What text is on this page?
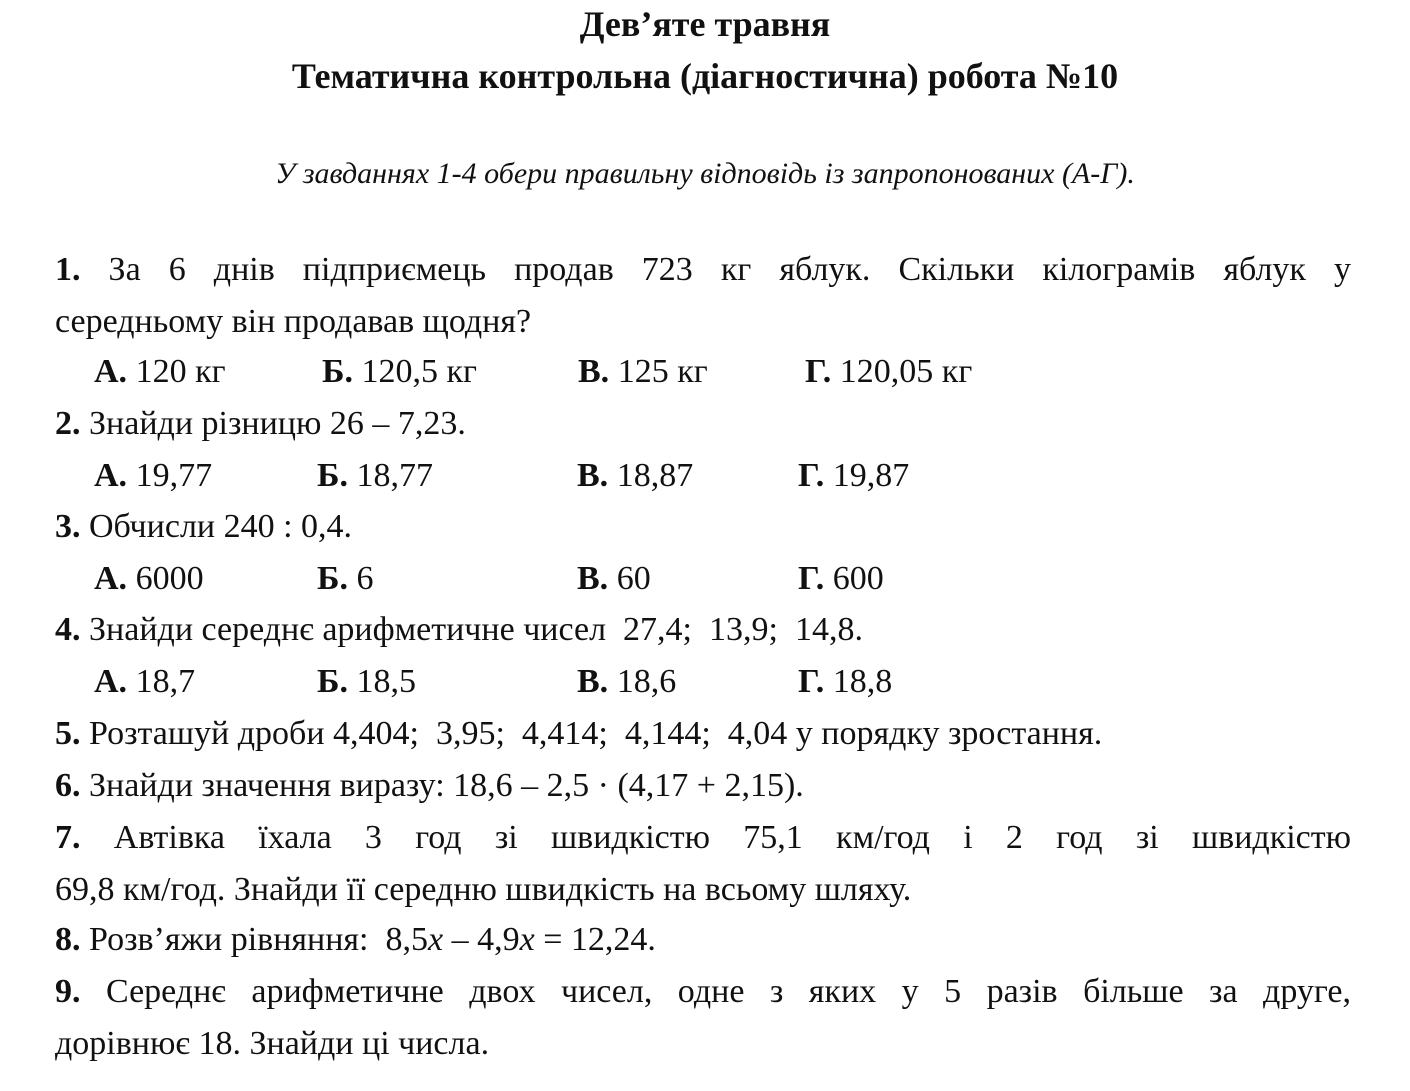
Дев’яте травня
Тематична контрольна (діагностична) робота №10
У завданнях 1-4 обери правильну відповідь із запропонованих (А-Г).
1. За 6 днів підприємець продав 723 кг яблук. Скільки кілограмів яблук у
середньому він продавав щодня?
А. 120 кг	Б. 120,5 кг	В. 125 кг	Г. 120,05 кг
2. Знайди різницю 26 – 7,23.
А. 19,77	Б. 18,77	В. 18,87	Г. 19,87
3. Обчисли 240 : 0,4.
А. 6000	Б. 6	В. 60	Г. 600
4. Знайди середнє арифметичне чисел  27,4;  13,9;  14,8.
А. 18,7	Б. 18,5	В. 18,6	Г. 18,8
5. Розташуй дроби 4,404;  3,95;  4,414;  4,144;  4,04 у порядку зростання.
6. Знайди значення виразу: 18,6 – 2,5 · (4,17 + 2,15).
7. Автівка їхала 3 год зі швидкістю 75,1 км/год і 2 год зі швидкістю
69,8 км/год. Знайди її середню швидкість на всьому шляху.
8. Розв’яжи рівняння:  8,5x – 4,9x = 12,24.
9. Середнє арифметичне двох чисел, одне з яких у 5 разів більше за друге,
дорівнює 18. Знайди ці числа.
